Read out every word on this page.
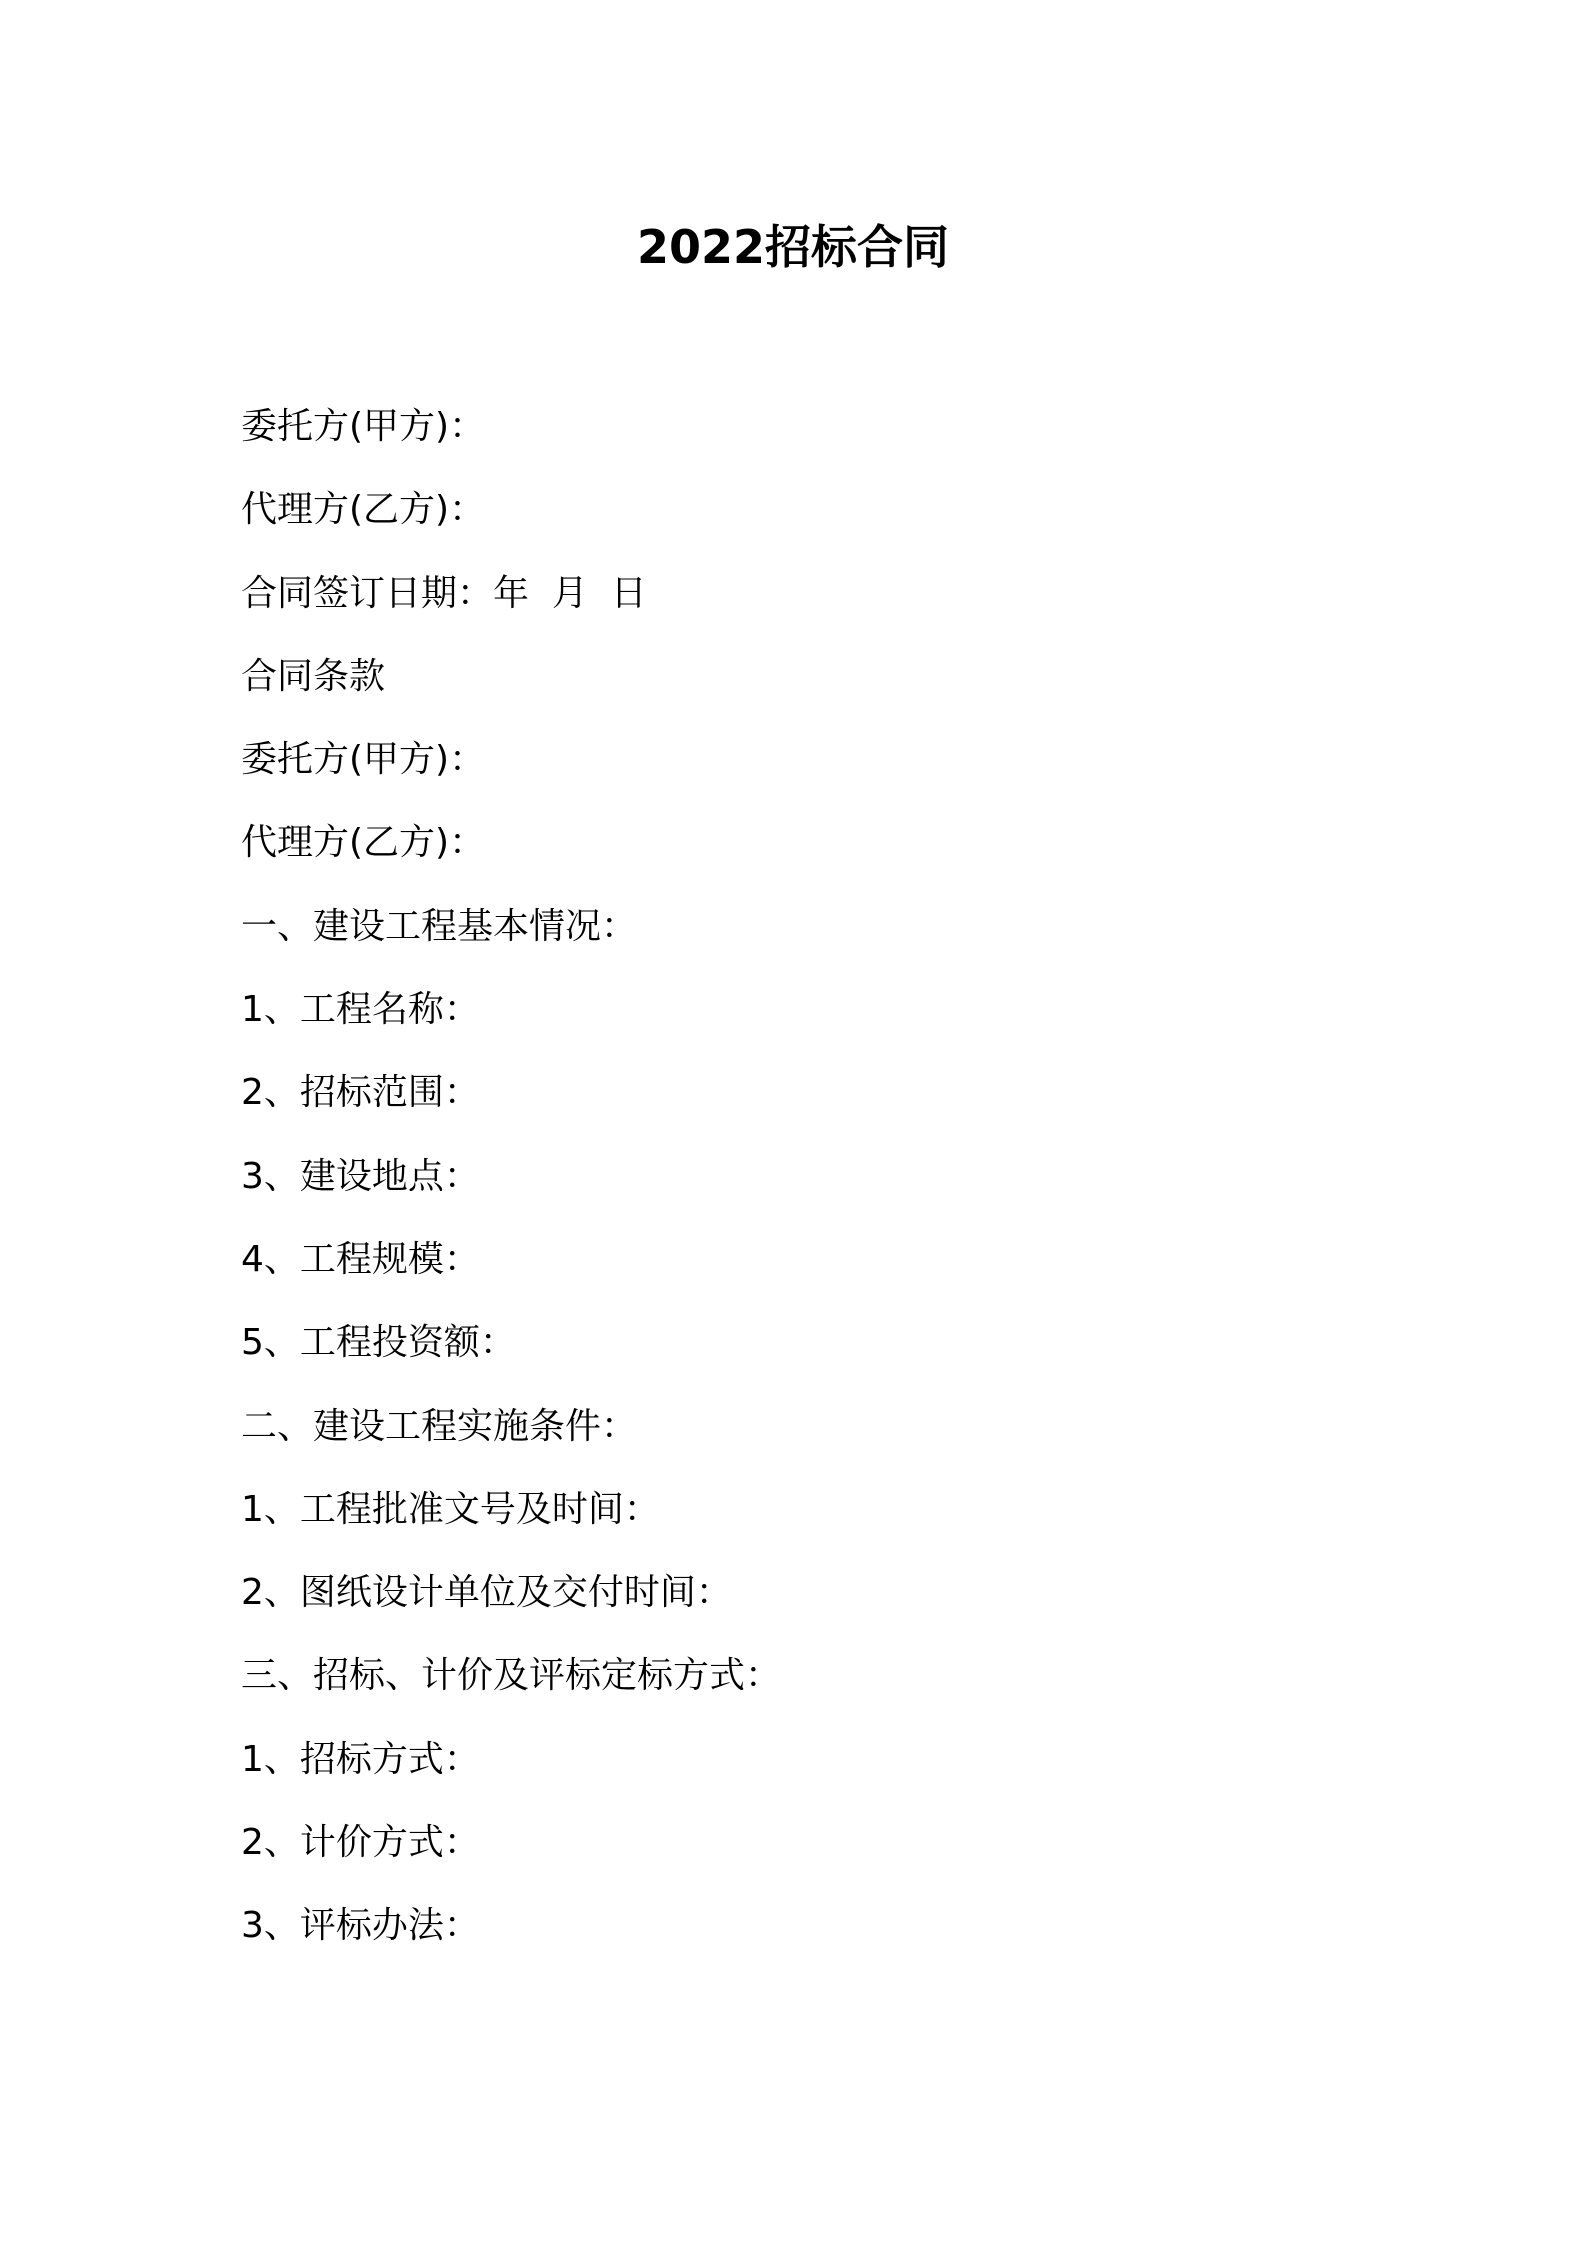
2022招标合同

委托方(甲方)：

代理方(乙方)：

合同签订日期：年  月  日

合同条款

委托方(甲方)：

代理方(乙方)：

一、建设工程基本情况：

1、工程名称：

2、招标范围：

3、建设地点：

4、工程规模：

5、工程投资额：

二、建设工程实施条件：

1、工程批准文号及时间：

2、图纸设计单位及交付时间：

三、招标、计价及评标定标方式：

1、招标方式：

2、计价方式：

3、评标办法：
